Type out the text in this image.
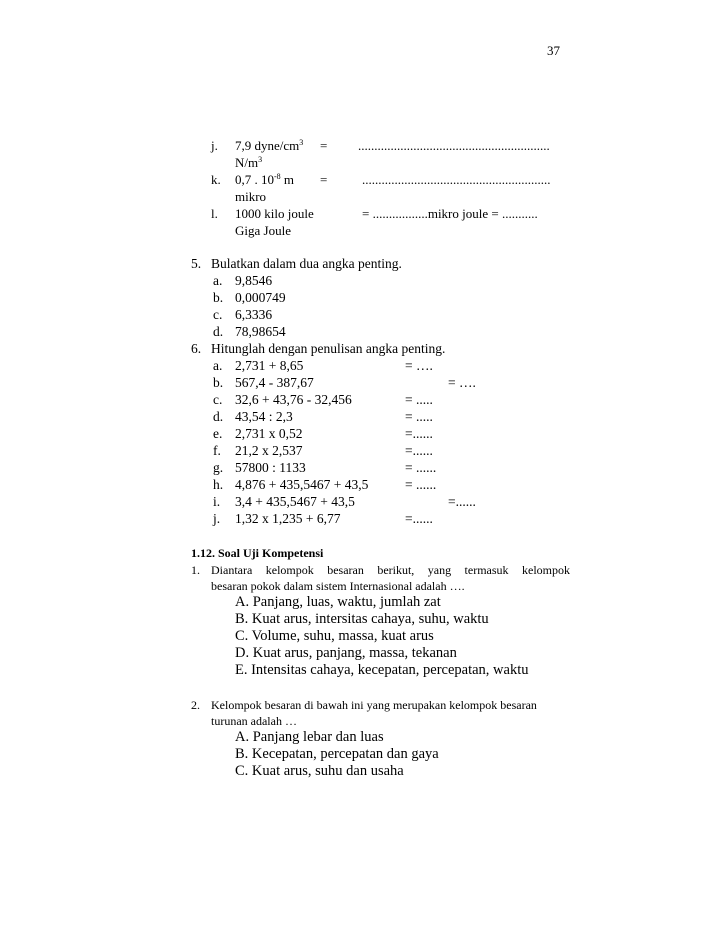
37
j. 7,9 dyne/$cm^3$ = ...........................................................
$N/m^3$
k. 0,7 . $10^{-8}$ m =	..........................................................
mikro
l. 1000 kilo joule	= .................mikro joule = ...........
Giga Joule
5. Bulatkan dalam dua angka penting.
a. 9,8546
b. 0,000749
c. 6,3336
d. 78,98654
6. Hitunglah dengan penulisan angka penting.
a. 2,731 + 8,65	= ….
b. 567,4 - 387,67	= ….
c. 32,6 + 43,76 - 32,456	= .....
d. 43,54 : 2,3	= .....
e. 2,731 x 0,52	=......
f. 21,2 x 2,537	=......
g. 57800 : 1133	= ......
h. 4,876 + 435,5467 + 43,5	= ......
i. 3,4 + 435,5467 + 43,5	=......
j. 1,32 x 1,235 + 6,77	=......
1.12. Soal Uji Kompetensi
1. Diantara kelompok besaran berikut, yang termasuk kelompok
besaran pokok dalam sistem Internasional adalah ….
A. Panjang, luas, waktu, jumlah zat
B. Kuat arus, intersitas cahaya, suhu, waktu
C. Volume, suhu, massa, kuat arus
D. Kuat arus, panjang, massa, tekanan
E. Intensitas cahaya, kecepatan, percepatan, waktu
2. Kelompok besaran di bawah ini yang merupakan kelompok besaran
turunan adalah …
A. Panjang lebar dan luas
B. Kecepatan, percepatan dan gaya
C. Kuat arus, suhu dan usaha
